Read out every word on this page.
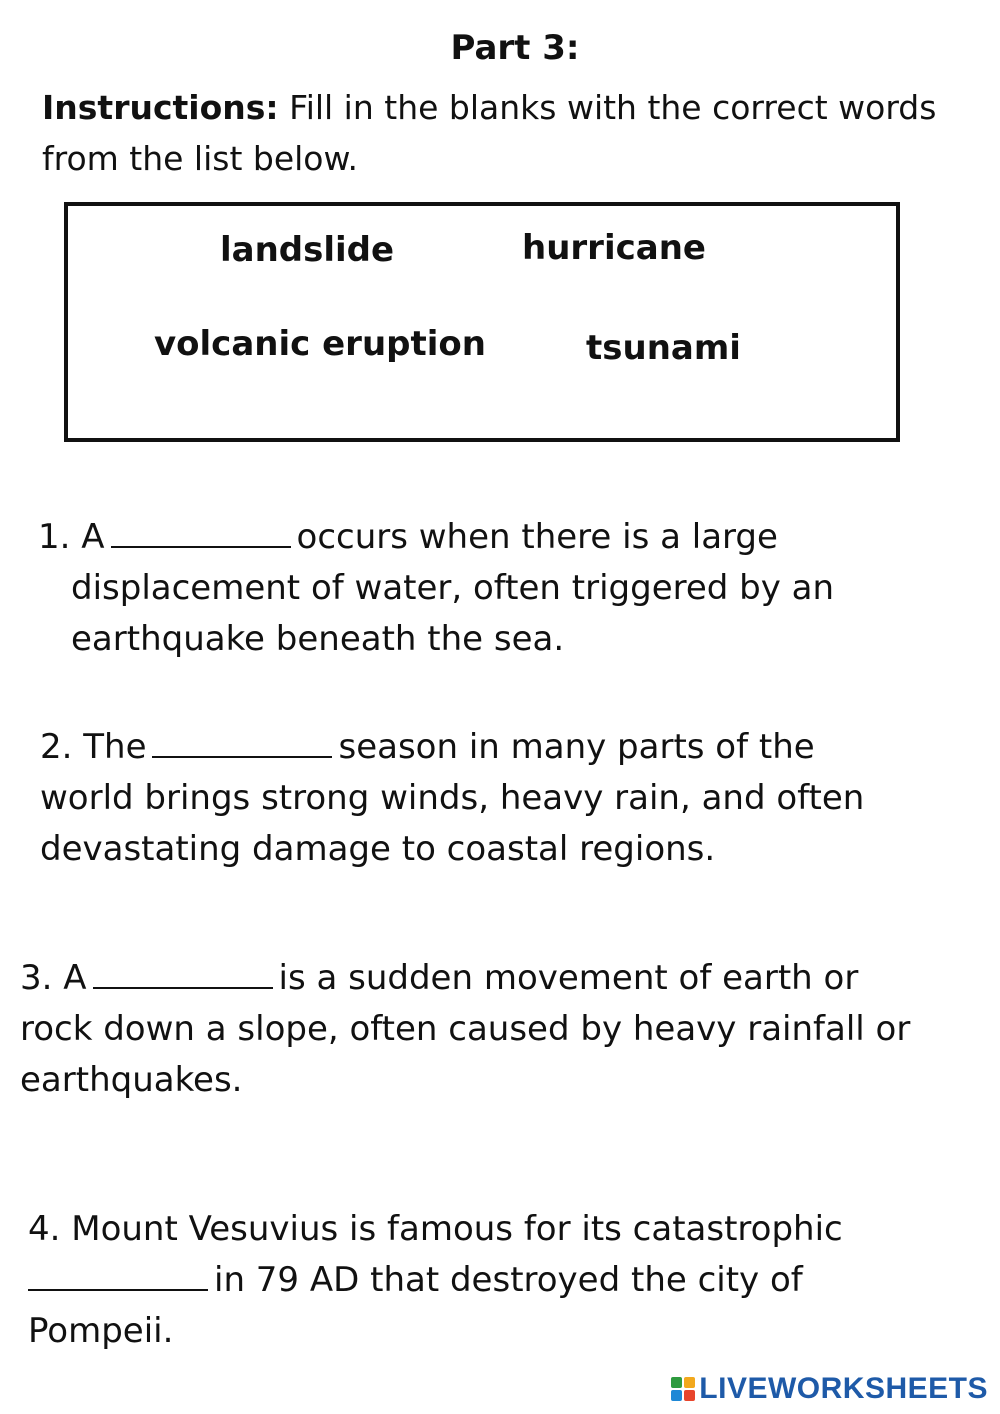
Part 3:
Instructions: Fill in the blanks with the correct words from the list below.
landslide	hurricane
volcanic eruption	tsunami
1. A	occurs when there is a large
displacement of water, often triggered by an
earthquake beneath the sea.
2. The	season in many parts of the
world brings strong winds, heavy rain, and often
devastating damage to coastal regions.
3. A	is a sudden movement of earth or
rock down a slope, often caused by heavy rainfall or
earthquakes.
4. Mount Vesuvius is famous for its catastrophic
in 79 AD that destroyed the city of
Pompeii.
LIVEWORKSHEETS
